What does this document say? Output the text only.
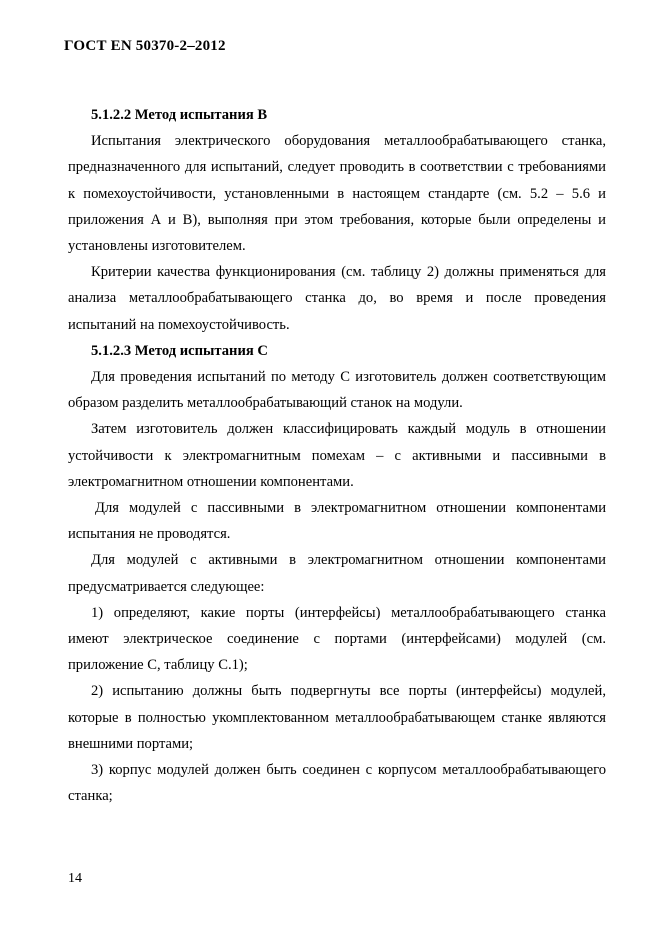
ГОСТ EN 50370-2–2012

5.1.2.2 Метод испытания В

Испытания электрического оборудования металлообрабатывающего станка, предназначенного для испытаний, следует проводить в соответствии с требованиями к помехоустойчивости, установленными в настоящем стандарте (см. 5.2 – 5.6 и приложения А и В), выполняя при этом требования, которые были определены и установлены изготовителем.

Критерии качества функционирования (см. таблицу 2) должны применяться для анализа металлообрабатывающего станка до, во время и после проведения испытаний на помехоустойчивость.

5.1.2.3 Метод испытания С

Для проведения испытаний по методу С изготовитель должен соответствующим образом разделить металлообрабатывающий станок на модули.

Затем изготовитель должен классифицировать каждый модуль в отношении устойчивости к электромагнитным помехам – с активными и пассивными в электромагнитном отношении компонентами.

Для модулей с пассивными в электромагнитном отношении компонентами испытания не проводятся.

Для модулей с активными в электромагнитном отношении компонентами предусматривается следующее:

1) определяют, какие порты (интерфейсы) металлообрабатывающего станка имеют электрическое соединение с портами (интерфейсами) модулей (см. приложение С, таблицу С.1);

2) испытанию должны быть подвергнуты все порты (интерфейсы) модулей, которые в полностью укомплектованном металлообрабатывающем станке являются внешними портами;

3) корпус модулей должен быть соединен с корпусом металлообрабатывающего станка;

14
